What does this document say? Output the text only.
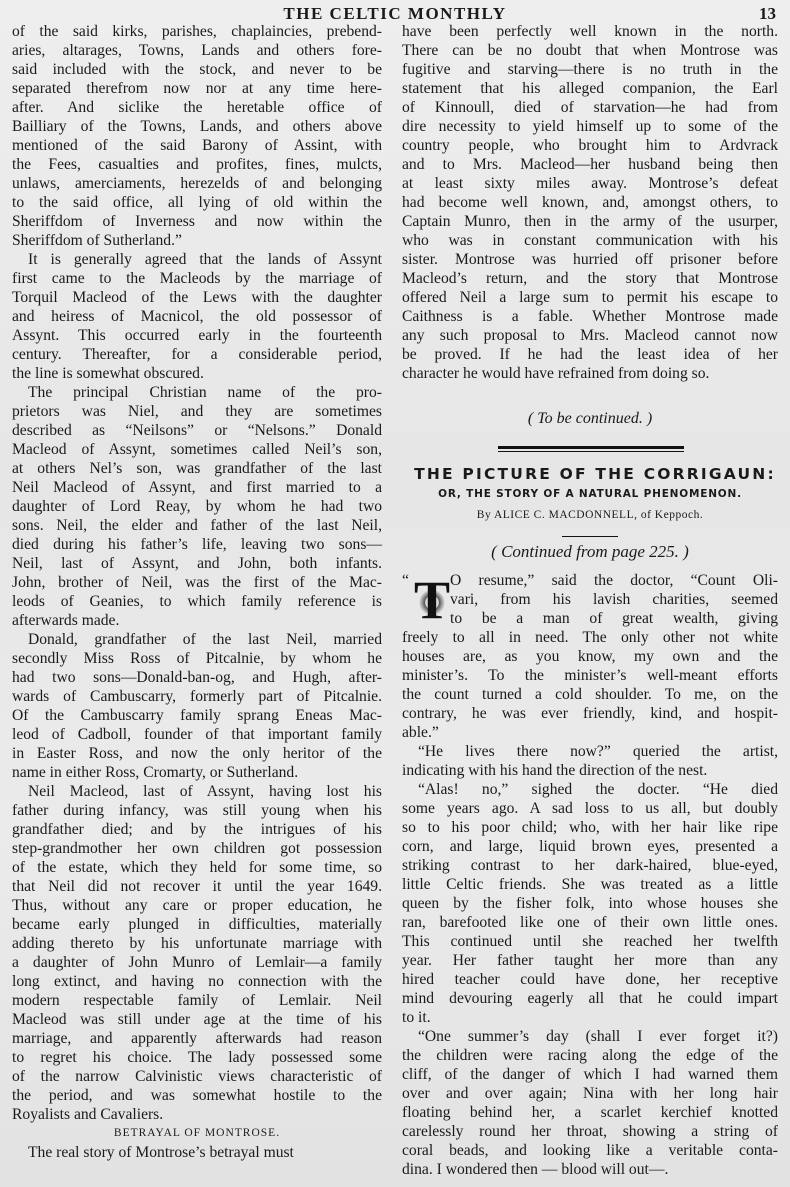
THE CELTIC MONTHLY	13
of the said kirks, parishes, chaplaincies, prebend-
aries, altarages, Towns, Lands and others fore-
said included with the stock, and never to be
separated therefrom now nor at any time here-
after. And siclike the heretable office of
Bailliary of the Towns, Lands, and others above
mentioned of the said Barony of Assint, with
the Fees, casualties and profites, fines, mulcts,
unlaws, amerciaments, herezelds of and belonging
to the said office, all lying of old within the
Sheriffdom of Inverness and now within the
Sheriffdom of Sutherland.”
It is generally agreed that the lands of Assynt
first came to the Macleods by the marriage of
Torquil Macleod of the Lews with the daughter
and heiress of Macnicol, the old possessor of
Assynt. This occurred early in the fourteenth
century. Thereafter, for a considerable period,
the line is somewhat obscured.
The principal Christian name of the pro-
prietors was Niel, and they are sometimes
described as “Neilsons” or “Nelsons.” Donald
Macleod of Assynt, sometimes called Neil’s son,
at others Nel’s son, was grandfather of the last
Neil Macleod of Assynt, and first married to a
daughter of Lord Reay, by whom he had two
sons. Neil, the elder and father of the last Neil,
died during his father’s life, leaving two sons—
Neil, last of Assynt, and John, both infants.
John, brother of Neil, was the first of the Mac-
leods of Geanies, to which family reference is
afterwards made.
Donald, grandfather of the last Neil, married
secondly Miss Ross of Pitcalnie, by whom he
had two sons—Donald-ban-og, and Hugh, after-
wards of Cambuscarry, formerly part of Pitcalnie.
Of the Cambuscarry family sprang Eneas Mac-
leod of Cadboll, founder of that important family
in Easter Ross, and now the only heritor of the
name in either Ross, Cromarty, or Sutherland.
Neil Macleod, last of Assynt, having lost his
father during infancy, was still young when his
grandfather died; and by the intrigues of his
step-grandmother her own children got possession
of the estate, which they held for some time, so
that Neil did not recover it until the year 1649.
Thus, without any care or proper education, he
became early plunged in difficulties, materially
adding thereto by his unfortunate marriage with
a daughter of John Munro of Lemlair—a family
long extinct, and having no connection with the
modern respectable family of Lemlair. Neil
Macleod was still under age at the time of his
marriage, and apparently afterwards had reason
to regret his choice. The lady possessed some
of the narrow Calvinistic views characteristic of
the period, and was somewhat hostile to the
Royalists and Cavaliers.
BETRAYAL OF MONTROSE.
The real story of Montrose’s betrayal must
have been perfectly well known in the north.
There can be no doubt that when Montrose was
fugitive and starving—there is no truth in the
statement that his alleged companion, the Earl
of Kinnoull, died of starvation—he had from
dire necessity to yield himself up to some of the
country people, who brought him to Ardvrack
and to Mrs. Macleod—her husband being then
at least sixty miles away. Montrose’s defeat
had become well known, and, amongst others, to
Captain Munro, then in the army of the usurper,
who was in constant communication with his
sister. Montrose was hurried off prisoner before
Macleod’s return, and the story that Montrose
offered Neil a large sum to permit his escape to
Caithness is a fable. Whether Montrose made
any such proposal to Mrs. Macleod cannot now
be proved. If he had the least idea of her
character he would have refrained from doing so.
( To be continued. )
THE PICTURE OF THE CORRIGAUN:
OR, THE STORY OF A NATURAL PHENOMENON.
By ALICE C. MACDONNELL, of Keppoch.
( Continued from page 225. )
“ T O resume,” said the doctor, “Count Oli-
vari, from his lavish charities, seemed
to be a man of great wealth, giving
freely to all in need. The only other not white
houses are, as you know, my own and the
minister’s. To the minister’s well-meant efforts
the count turned a cold shoulder. To me, on the
contrary, he was ever friendly, kind, and hospit-
able.”
“He lives there now?” queried the artist,
indicating with his hand the direction of the nest.
“Alas! no,” sighed the docter. “He died
some years ago. A sad loss to us all, but doubly
so to his poor child; who, with her hair like ripe
corn, and large, liquid brown eyes, presented a
striking contrast to her dark-haired, blue-eyed,
little Celtic friends. She was treated as a little
queen by the fisher folk, into whose houses she
ran, barefooted like one of their own little ones.
This continued until she reached her twelfth
year. Her father taught her more than any
hired teacher could have done, her receptive
mind devouring eagerly all that he could impart
to it.
“One summer’s day (shall I ever forget it?)
the children were racing along the edge of the
cliff, of the danger of which I had warned them
over and over again; Nina with her long hair
floating behind her, a scarlet kerchief knotted
carelessly round her throat, showing a string of
coral beads, and looking like a veritable conta-
dina. I wondered then — blood will out—.
